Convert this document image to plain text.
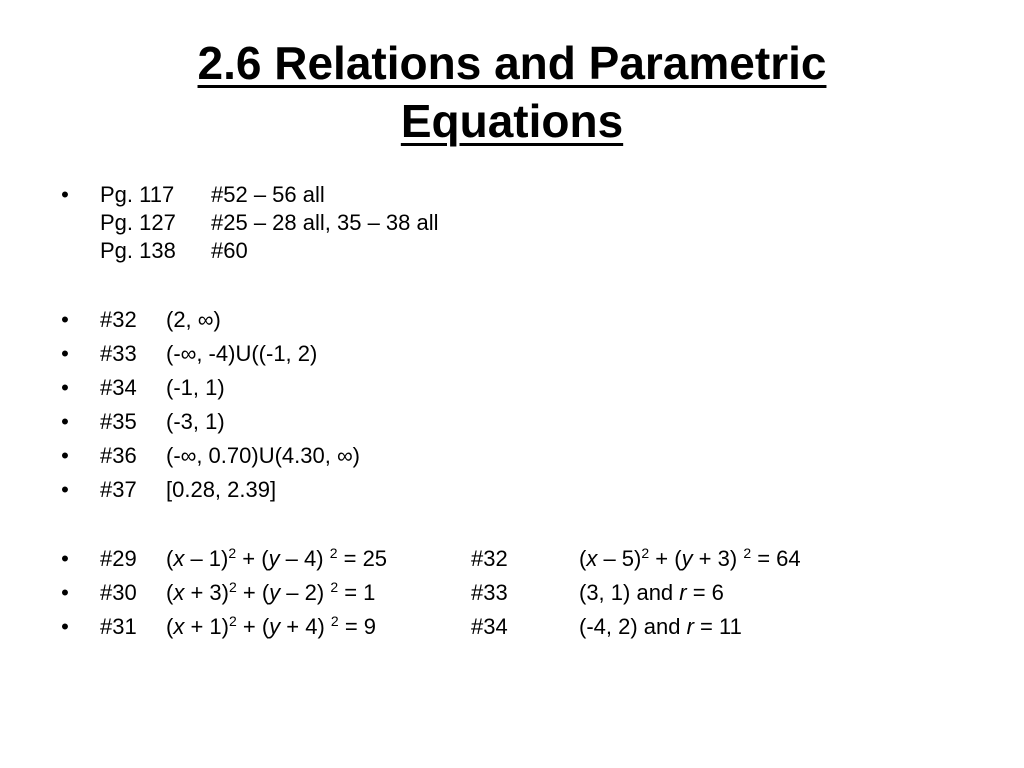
2.6 Relations and Parametric
Equations
• Pg. 117 #52 – 56 all
Pg. 127 #25 – 28 all, 35 – 38 all
Pg. 138 #60
• #32 (2, ∞)
• #33 (-∞, -4)U((-1, 2)
• #34 (-1, 1)
• #35 (-3, 1)
• #36 (-∞, 0.70)U(4.30, ∞)
• #37 [0.28, 2.39]
• #29 (x – 1)$^2$ + (y – 4) $^2$ = 25	#32	(x – 5)$^2$ + (y + 3) $^2$ = 64
• #30 $(x + 3)^2 + (y - 2)$ $^2$ = 1	#33	(3, 1) and r = 6
• #31 $(x + 1)^2 + (y + 4)$ $^2$ = 9	#34	(-4, 2) and r = 11
